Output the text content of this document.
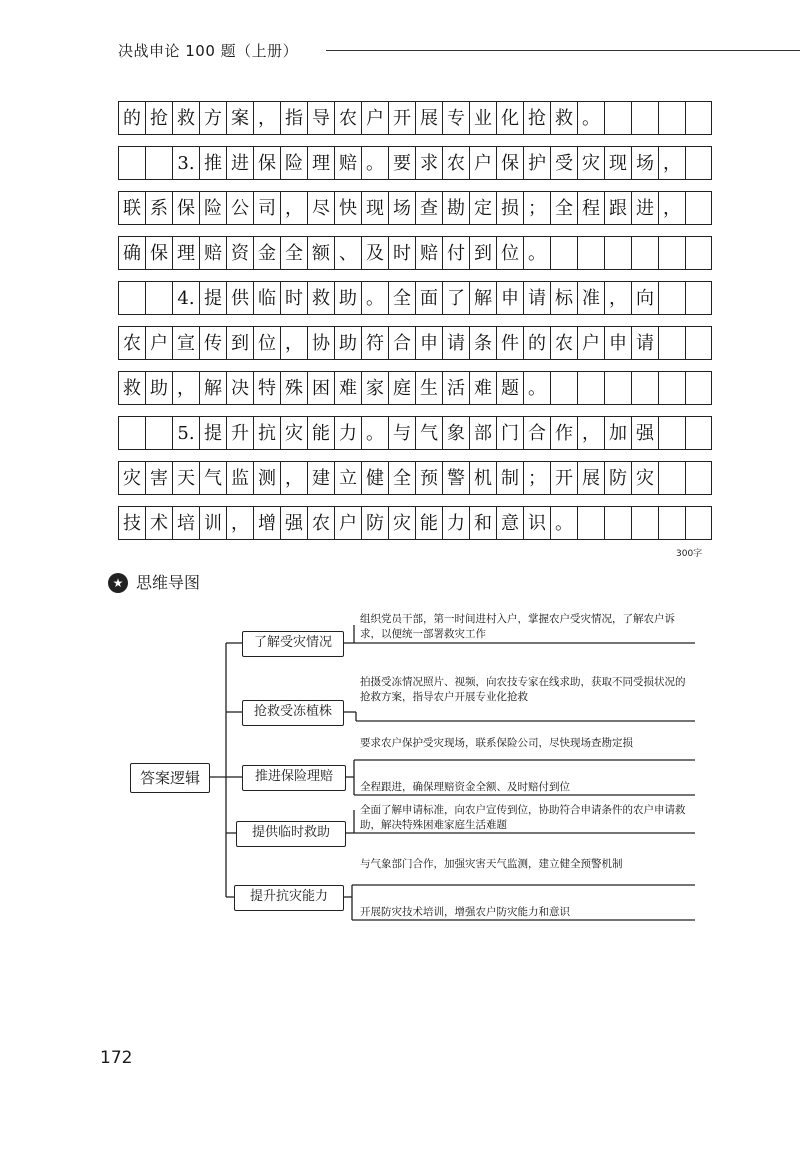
决战申论 100 题（上册）
的 抢 救 方 案 ， 指 导 农 户 开 展 专 业 化 抢 救 。
3. 推 进 保 险 理 赔 。 要 求 农 户 保 护 受 灾 现 场 ，
联 系 保 险 公 司 ， 尽 快 现 场 查 勘 定 损 ； 全 程 跟 进 ，
确 保 理 赔 资 金 全 额 、 及 时 赔 付 到 位 。
4. 提 供 临 时 救 助 。 全 面 了 解 申 请 标 准 ， 向
农 户 宣 传 到 位 ， 协 助 符 合 申 请 条 件 的 农 户 申 请
救 助 ， 解 决 特 殊 困 难 家 庭 生 活 难 题 。
5. 提 升 抗 灾 能 力 。 与 气 象 部 门 合 作 ， 加 强
灾 害 天 气 监 测 ， 建 立 健 全 预 警 机 制 ； 开 展 防 灾
技 术 培 训 ， 增 强 农 户 防 灾 能 力 和 意 识 。
300字
★ 思维导图
答案逻辑
了解受灾情况
抢救受冻植株
推进保险理赔
提供临时救助
提升抗灾能力
组织党员干部，第一时间进村入户，掌握农户受灾情况，了解农户诉求，以便统一部署救灾工作
拍摄受冻情况照片、视频，向农技专家在线求助，获取不同受损状况的抢救方案，指导农户开展专业化抢救
要求农户保护受灾现场，联系保险公司，尽快现场查勘定损
全程跟进，确保理赔资金全额、及时赔付到位
全面了解申请标准，向农户宣传到位，协助符合申请条件的农户申请救助，解决特殊困难家庭生活难题
与气象部门合作，加强灾害天气监测，建立健全预警机制
开展防灾技术培训，增强农户防灾能力和意识
172
